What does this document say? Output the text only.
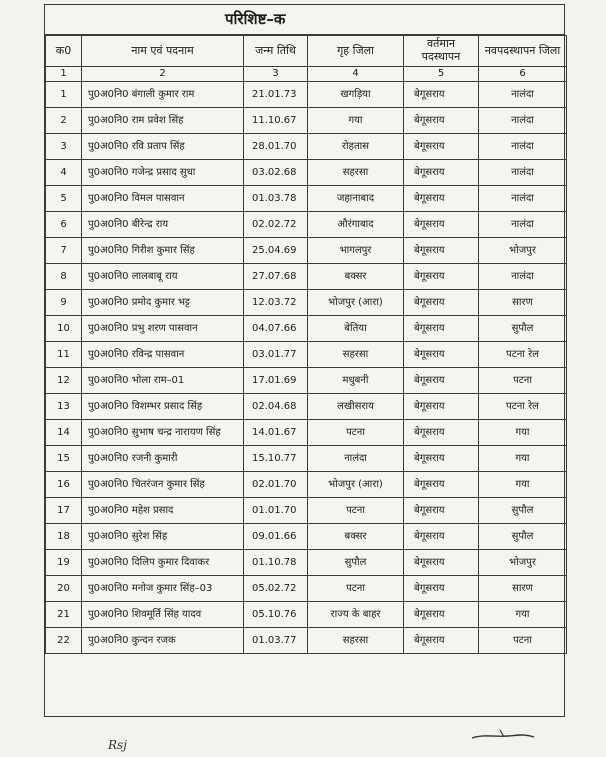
परिशिष्ट–क
क0	नाम एवं पदनाम	जन्म तिथि	गृह जिला	वर्तमान पदस्थापन	नवपदस्थापन जिला
1	2	3	4	5	6
1	पु0अ0नि0 बंगाली कुमार राम	21.01.73	खगड़िया	बेगूसराय	नालंदा
2	पु0अ0नि0 राम प्रवेश सिंह	11.10.67	गया	बेगूसराय	नालंदा
3	पु0अ0नि0 रवि प्रताप सिंह	28.01.70	रोहतास	बेगूसराय	नालंदा
4	पु0अ0नि0 गजेन्द्र प्रसाद सुधा	03.02.68	सहरसा	बेगूसराय	नालंदा
5	पु0अ0नि0 विमल पासवान	01.03.78	जहानाबाद	बेगूसराय	नालंदा
6	पु0अ0नि0 बीरेन्द्र राय	02.02.72	औरंगाबाद	बेगूसराय	नालंदा
7	पु0अ0नि0 गिरीश कुमार सिंह	25.04.69	भागलपुर	बेगूसराय	भोजपुर
8	पु0अ0नि0 लालबाबू राय	27.07.68	बक्सर	बेगूसराय	नालंदा
9	पु0अ0नि0 प्रमोद कुमार भट्ट	12.03.72	भोजपुर (आरा)	बेगूसराय	सारण
10	पु0अ0नि0 प्रभु शरण पासवान	04.07.66	बेतिया	बेगूसराय	सुपौल
11	पु0अ0नि0 रविन्द्र पासवान	03.01.77	सहरसा	बेगूसराय	पटना रेल
12	पु0अ0नि0 भोला राम–01	17.01.69	मधुबनी	बेगूसराय	पटना
13	पु0अ0नि0 विशम्भर प्रसाद सिंह	02.04.68	लखीसराय	बेगूसराय	पटना रेल
14	पु0अ0नि0 सुभाष चन्द्र नारायण सिंह	14.01.67	पटना	बेगूसराय	गया
15	पु0अ0नि0 रजनी कुमारी	15.10.77	नालंदा	बेगूसराय	गया
16	पु0अ0नि0 चितरंजन कुमार सिंह	02.01.70	भोजपुर (आरा)	बेगूसराय	गया
17	पु0अ0नि0 महेश प्रसाद	01.01.70	पटना	बेगूसराय	सुपौल
18	पु0अ0नि0 सुरेश सिंह	09.01.66	बक्सर	बेगूसराय	सुपौल
19	पु0अ0नि0 दिलिप कुमार दिवाकर	01.10.78	सुपौल	बेगूसराय	भोजपुर
20	पु0अ0नि0 मनोज कुमार सिंह–03	05.02.72	पटना	बेगूसराय	सारण
21	पु0अ0नि0 शिवमूर्ति सिंह यादव	05.10.76	राज्य के बाहर	बेगूसराय	गया
22	पु0अ0नि0 कुन्दन रजक	01.03.77	सहरसा	बेगूसराय	पटना
Rsj
